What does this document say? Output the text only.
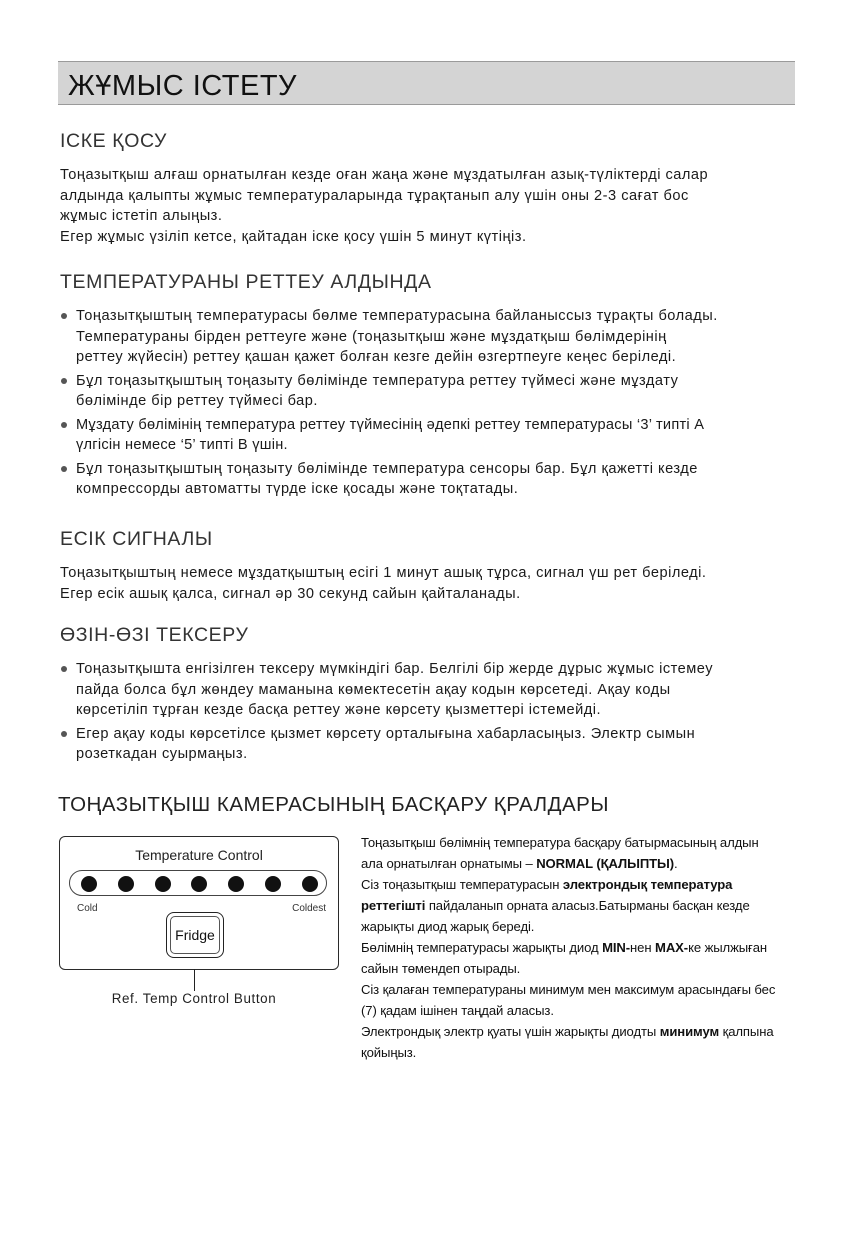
ЖҰМЫС ІСТЕТУ
ІСКЕ ҚОСУ

Тоңазытқыш алғаш орнатылған кезде оған жаңа және мұздатылған азық-түліктерді салар
алдында қалыпты жұмыс температураларында тұрақтанып алу үшін оны 2-3 сағат бос
жұмыс істетіп алыңыз.
Егер жұмыс үзіліп кетсе, қайтадан іске қосу үшін 5 минут күтіңіз.

ТЕМПЕРАТУРАНЫ РЕТТЕУ АЛДЫНДА
Тоңазытқыштың температурасы бөлме температурасына байланыссыз тұрақты болады.
Температураны бірден реттеуге және (тоңазытқыш және мұздатқыш бөлімдерінің
реттеу жүйесін) реттеу қашан қажет болған кезге дейін өзгертпеуге кеңес беріледі.
Бұл тоңазытқыштың тоңазыту бөлімінде температура реттеу түймесі және мұздату
бөлімінде бір реттеу түймесі бар.
Мұздату бөлімінің температура реттеу түймесінің әдепкі реттеу температурасы ‘3’ типті А
үлгісін немесе ‘5’ типті В үшін.
Бұл тоңазытқыштың тоңазыту бөлімінде температура сенсоры бар. Бұл қажетті кезде
компрессорды автоматты түрде іске қосады және тоқтатады.
ЕСІК СИГНАЛЫ

Тоңазытқыштың немесе мұздатқыштың есігі 1 минут ашық тұрса, сигнал үш рет беріледі.
Егер есік ашық қалса, сигнал әр 30 секунд сайын қайталанады.

ӨЗІН-ӨЗІ ТЕКСЕРУ
Тоңазытқышта енгізілген тексеру мүмкіндігі бар. Белгілі бір жерде дұрыс жұмыс істемеу
пайда болса бұл жөндеу маманына көмектесетін ақау кодын көрсетеді. Ақау коды
көрсетіліп тұрған кезде басқа реттеу және көрсету қызметтері істемейді.
Егер ақау коды көрсетілсе қызмет көрсету орталығына хабарласыңыз. Электр сымын
розеткадан суырмаңыз.
ТОҢАЗЫТҚЫШ КАМЕРАСЫНЫҢ БАСҚАРУ ҚРАЛДАРЫ
Temperature Control
Cold	Coldest
Fridge
Ref. Temp Control Button

Тоңазытқыш бөлімнің температура басқару батырмасының алдын ала орнатылған орнатымы – NORMAL (ҚАЛЫПТЫ).

Сіз тоңазытқыш температурасын электрондық температура реттегішті пайдаланып орната аласыз.Батырманы басқан кезде жарықты диод жарық береді.

Бөлімнің температурасы жарықты диод MIN-нен MAX-ке жылжыған сайын төмендеп отырады.

Сіз қалаған температураны минимум мен максимум арасындағы бес (7) қадам ішінен таңдай аласыз.

Электрондық электр қуаты үшін жарықты диодты минимум қалпына қойыңыз.
